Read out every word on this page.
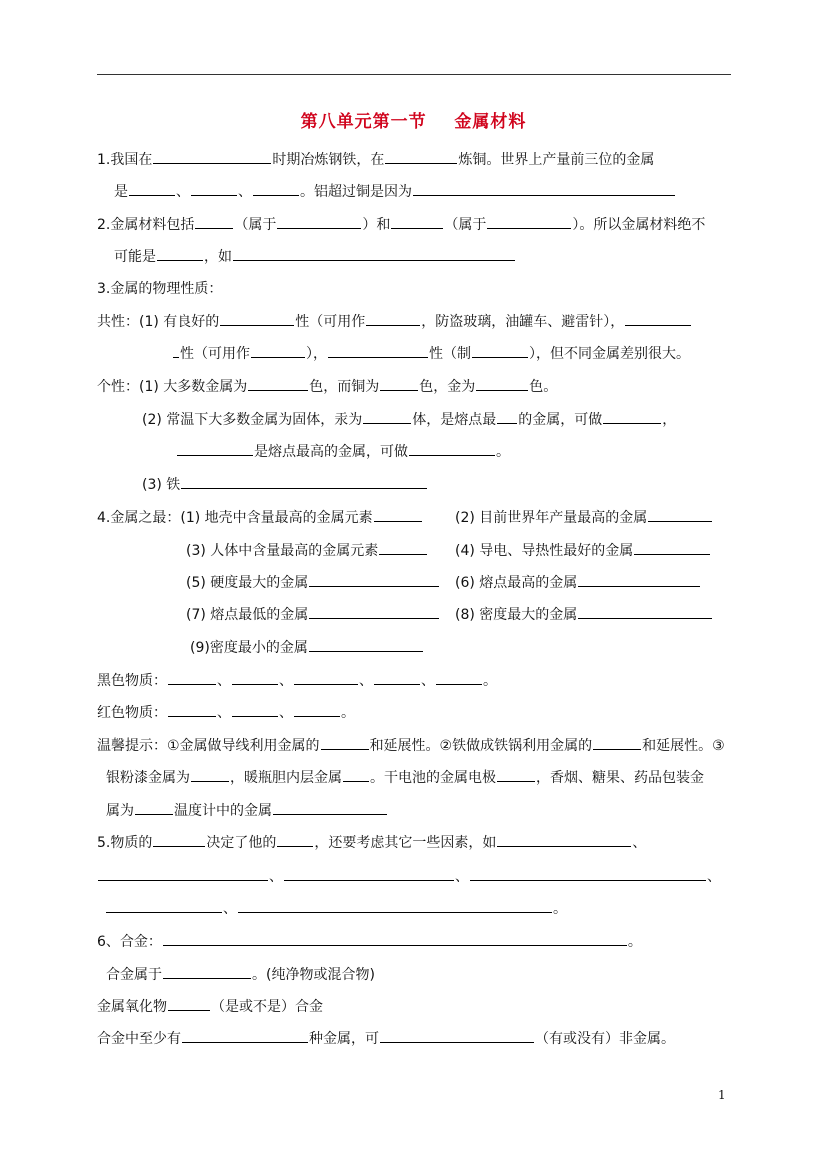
第八单元第一节    金属材料
1.我国在	时期冶炼钢铁，在	炼铜。世界上产量前三位的金属
是	、	、	。铝超过铜是因为
2.金属材料包括	（属于	）和	（属于	）。所以金属材料绝不
可能是	，如
3.金属的物理性质：
共性：(1) 有良好的	性（可用作	，防盗玻璃，油罐车、避雷针），
性（可用作	），	性（制	），但不同金属差别很大。
个性：(1) 大多数金属为	色，而铜为	色，金为	色。
(2) 常温下大多数金属为固体，汞为	体，是熔点最 的金属，可做	，
是熔点最高的金属，可做	。
(3) 铁
4.金属之最：(1) 地壳中含量最高的金属元素	(2) 目前世界年产量最高的金属
(3) 人体中含量最高的金属元素	(4) 导电、导热性最好的金属
(5) 硬度最大的金属	(6) 熔点最高的金属
(7) 熔点最低的金属	(8) 密度最大的金属
(9)密度最小的金属
黑色物质：	、	、	、	、	。
红色物质：	、	、	。
温馨提示：①金属做导线利用金属的	和延展性。②铁做成铁锅利用金属的	和延展性。③
银粉漆金属为	，暖瓶胆内层金属 。干电池的金属电极	，香烟、糖果、药品包装金
属为	温度计中的金属
5.物质的	决定了他的	，还要考虑其它一些因素，如	、
、	、	、
、	。
6、合金：	。
合金属于	。(纯净物或混合物)
金属氧化物	（是或不是）合金
合金中至少有	种金属，可	（有或没有）非金属。
1
